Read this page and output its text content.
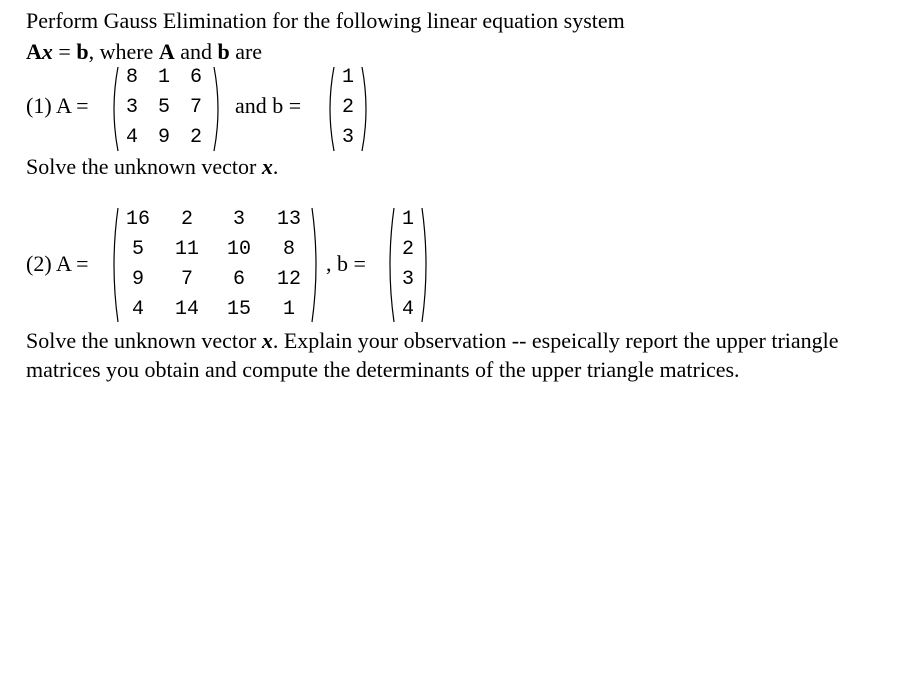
Perform Gauss Elimination for the following linear equation system
Ax = b, where A and b are
(1) A =
8 1 6
3 5 7
4 9 2
and b =
1
2
3
Solve the unknown vector x.
(2) A =
16	2	3	13
5	11	10	8
9	7	6	12
4	14	15	1
, b =
1
2
3
4
Solve the unknown vector x. Explain your observation -- espeically report the upper triangle matrices you obtain and compute the determinants of the upper triangle matrices.
